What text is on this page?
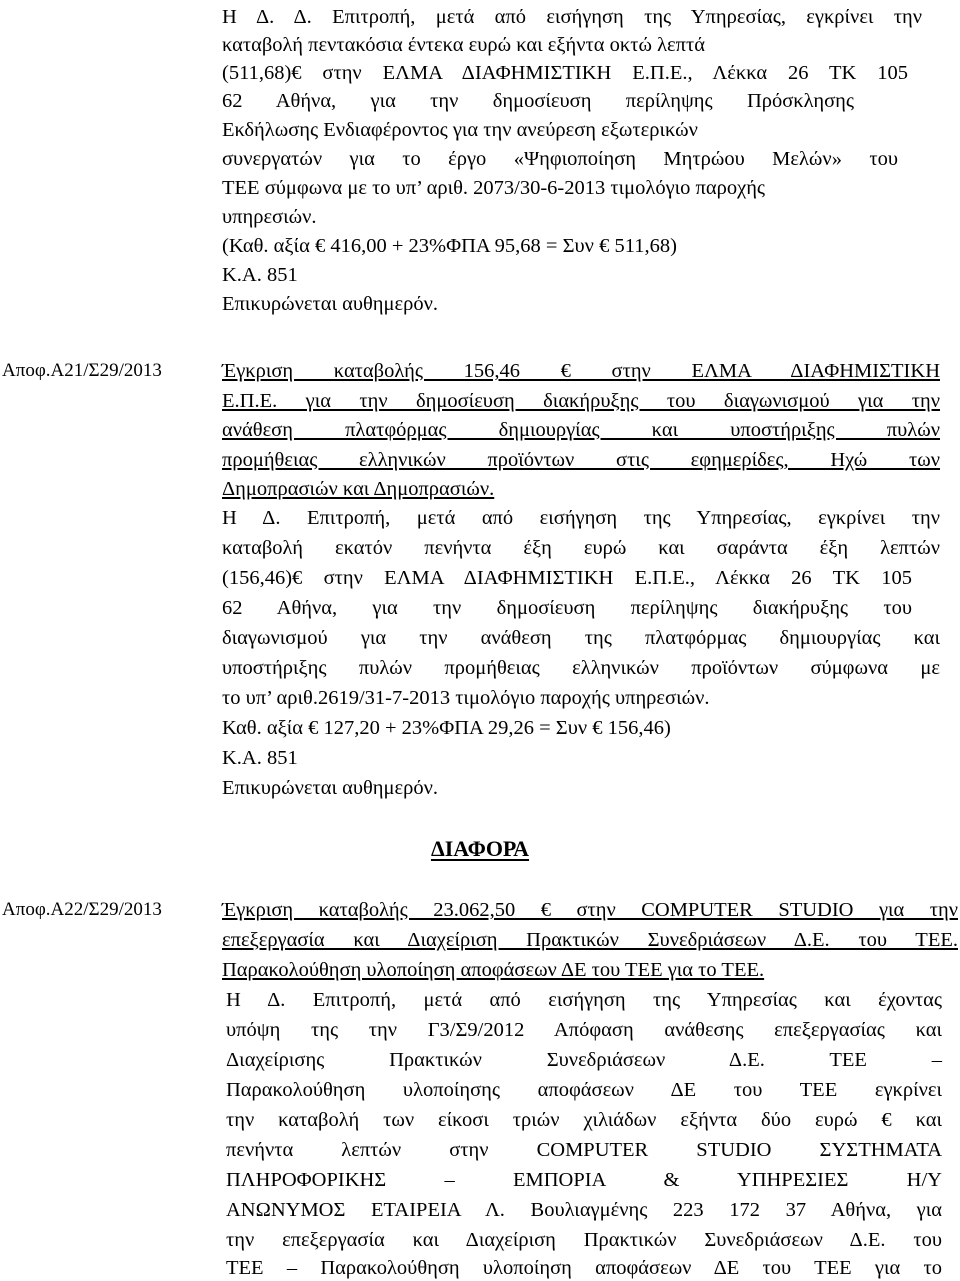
Η Δ. Δ. Επιτροπή, μετά από εισήγηση της Υπηρεσίας, εγκρίνει την
καταβολή πεντακόσια έντεκα ευρώ και εξήντα οκτώ λεπτά
(511,68)€ στην ΕΛΜΑ ΔΙΑΦΗΜΙΣΤΙΚΗ Ε.Π.Ε., Λέκκα 26 ΤΚ 105
62 Αθήνα, για την δημοσίευση περίληψης Πρόσκλησης
Εκδήλωσης Ενδιαφέροντος για την ανεύρεση εξωτερικών
συνεργατών για το έργο «Ψηφιοποίηση Μητρώου Μελών» του
ΤΕΕ σύμφωνα με το υπ’ αριθ. 2073/30-6-2013 τιμολόγιο παροχής
υπηρεσιών.
(Καθ. αξία € 416,00 + 23%ΦΠΑ 95,68 = Συν € 511,68)
Κ.Α. 851
Επικυρώνεται αυθημερόν.
Αποφ.Α21/Σ29/2013	Έγκριση καταβολής 156,46 € στην ΕΛΜΑ ΔΙΑΦΗΜΙΣΤΙΚΗ
Ε.Π.Ε. για την δημοσίευση διακήρυξης του διαγωνισμού για την
ανάθεση πλατφόρμας δημιουργίας και υποστήριξης πυλών
προμήθειας ελληνικών προϊόντων στις εφημερίδες, Ηχώ των
Δημοπρασιών και Δημοπρασιών.
Η Δ. Επιτροπή, μετά από εισήγηση της Υπηρεσίας, εγκρίνει την
καταβολή εκατόν πενήντα έξη ευρώ και σαράντα έξη λεπτών
(156,46)€ στην ΕΛΜΑ ΔΙΑΦΗΜΙΣΤΙΚΗ Ε.Π.Ε., Λέκκα 26 ΤΚ 105
62 Αθήνα, για την δημοσίευση περίληψης διακήρυξης του
διαγωνισμού για την ανάθεση της πλατφόρμας δημιουργίας και
υποστήριξης πυλών προμήθειας ελληνικών προϊόντων σύμφωνα με
το υπ’ αριθ.2619/31-7-2013 τιμολόγιο παροχής υπηρεσιών.
Καθ. αξία € 127,20 + 23%ΦΠΑ 29,26 = Συν € 156,46)
Κ.Α. 851
Επικυρώνεται αυθημερόν.
ΔΙΑΦΟΡΑ
Αποφ.Α22/Σ29/2013	Έγκριση καταβολής 23.062,50 € στην COMPUTER STUDIO για την
επεξεργασία και Διαχείριση Πρακτικών Συνεδριάσεων Δ.Ε. του ΤΕΕ.
Παρακολούθηση υλοποίηση αποφάσεων ΔΕ του ΤΕΕ για το ΤΕΕ.
Η Δ. Επιτροπή, μετά από εισήγηση της Υπηρεσίας και έχοντας
υπόψη της την Γ3/Σ9/2012 Απόφαση ανάθεσης επεξεργασίας και
Διαχείρισης Πρακτικών Συνεδριάσεων Δ.Ε. ΤΕΕ –
Παρακολούθηση υλοποίησης αποφάσεων ΔΕ του ΤΕΕ εγκρίνει
την καταβολή των είκοσι τριών χιλιάδων εξήντα δύο ευρώ € και
πενήντα λεπτών στην COMPUTER STUDIO ΣΥΣΤΗΜΑΤΑ
ΠΛΗΡΟΦΟΡΙΚΗΣ – ΕΜΠΟΡΙΑ & ΥΠΗΡΕΣΙΕΣ Η/Υ
ΑΝΩΝΥΜΟΣ ΕΤΑΙΡΕΙΑ Λ. Βουλιαγμένης 223 172 37 Αθήνα, για
την επεξεργασία και Διαχείριση Πρακτικών Συνεδριάσεων Δ.Ε. του
ΤΕΕ – Παρακολούθηση υλοποίηση αποφάσεων ΔΕ του ΤΕΕ για το
